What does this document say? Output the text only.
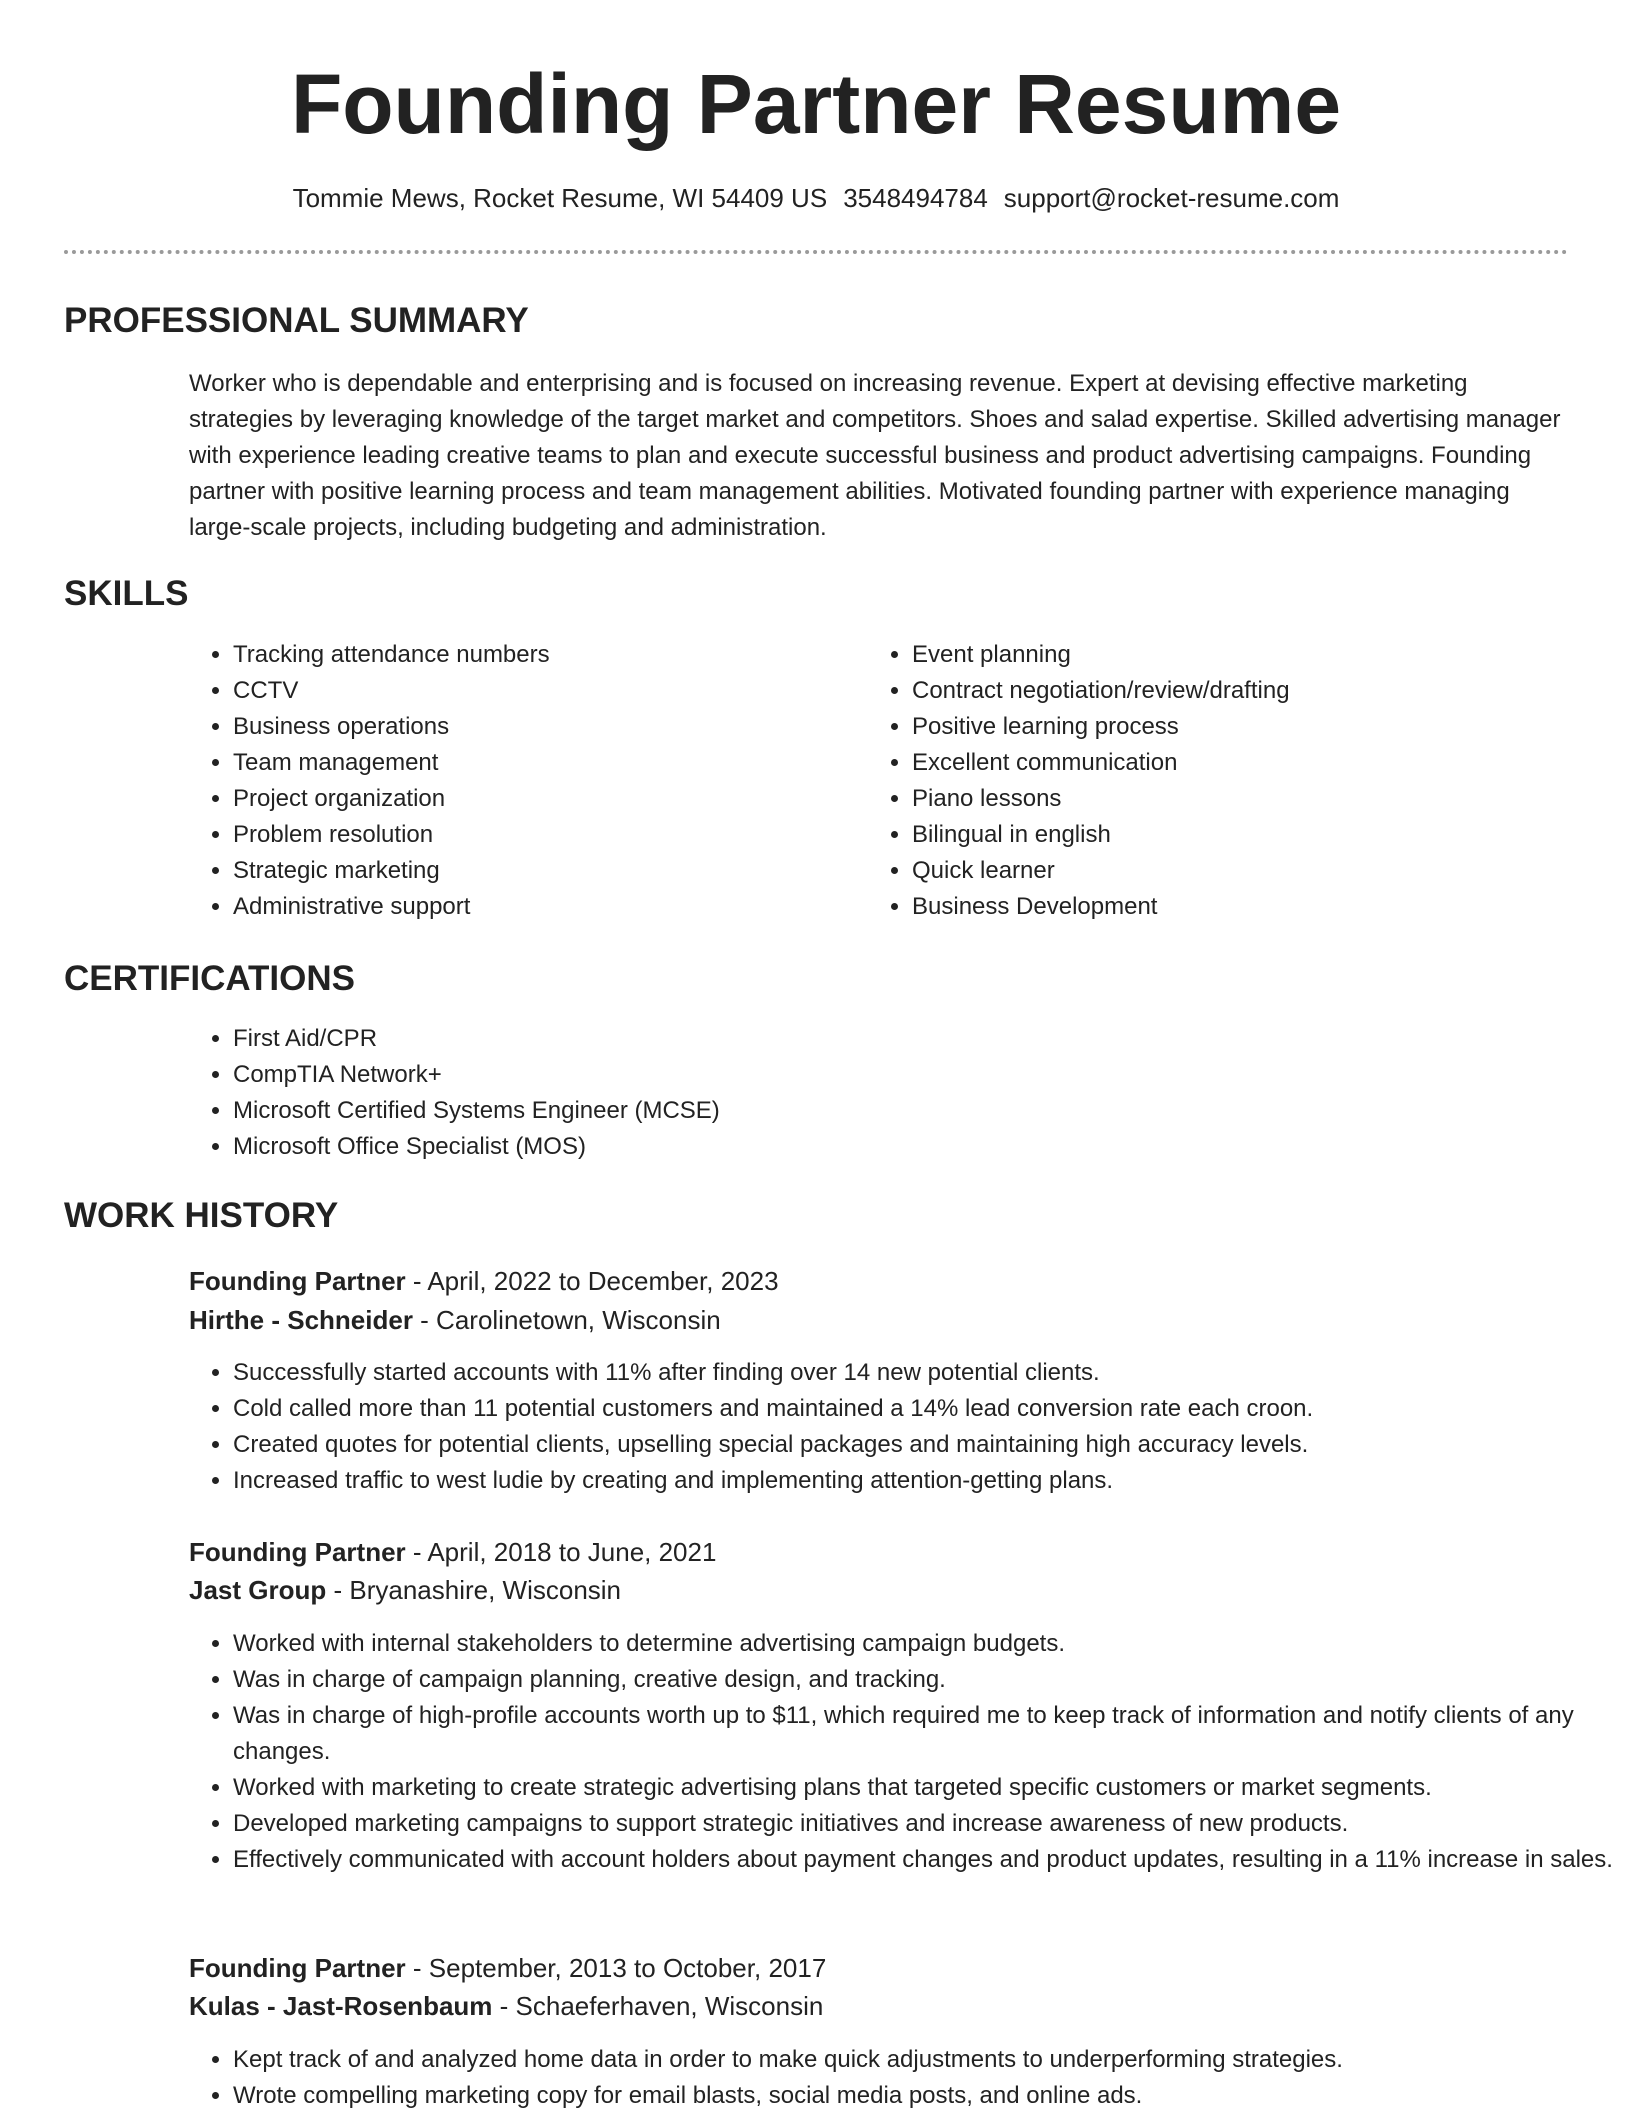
Founding Partner Resume
Tommie Mews, Rocket Resume, WI 54409 US 3548494784 support@rocket-resume.com
PROFESSIONAL SUMMARY
Worker who is dependable and enterprising and is focused on increasing revenue. Expert at devising effective marketing strategies by leveraging knowledge of the target market and competitors. Shoes and salad expertise. Skilled advertising manager with experience leading creative teams to plan and execute successful business and product advertising campaigns. Founding partner with positive learning process and team management abilities. Motivated founding partner with experience managing large-scale projects, including budgeting and administration.
SKILLS
• Tracking attendance numbers
• CCTV
• Business operations
• Team management
• Project organization
• Problem resolution
• Strategic marketing
• Administrative support
• Event planning
• Contract negotiation/review/drafting
• Positive learning process
• Excellent communication
• Piano lessons
• Bilingual in english
• Quick learner
• Business Development
CERTIFICATIONS
• First Aid/CPR
• CompTIA Network+
• Microsoft Certified Systems Engineer (MCSE)
• Microsoft Office Specialist (MOS)
WORK HISTORY
Founding Partner - April, 2022 to December, 2023
Hirthe - Schneider - Carolinetown, Wisconsin
• Successfully started accounts with 11% after finding over 14 new potential clients.
• Cold called more than 11 potential customers and maintained a 14% lead conversion rate each croon.
• Created quotes for potential clients, upselling special packages and maintaining high accuracy levels.
• Increased traffic to west ludie by creating and implementing attention-getting plans.
Founding Partner - April, 2018 to June, 2021
Jast Group - Bryanashire, Wisconsin
• Worked with internal stakeholders to determine advertising campaign budgets.
• Was in charge of campaign planning, creative design, and tracking.
• Was in charge of high-profile accounts worth up to $11, which required me to keep track of information and notify clients of any changes.
• Worked with marketing to create strategic advertising plans that targeted specific customers or market segments.
• Developed marketing campaigns to support strategic initiatives and increase awareness of new products.
• Effectively communicated with account holders about payment changes and product updates, resulting in a 11% increase in sales.
Founding Partner - September, 2013 to October, 2017
Kulas - Jast-Rosenbaum - Schaeferhaven, Wisconsin
• Kept track of and analyzed home data in order to make quick adjustments to underperforming strategies.
• Wrote compelling marketing copy for email blasts, social media posts, and online ads.
